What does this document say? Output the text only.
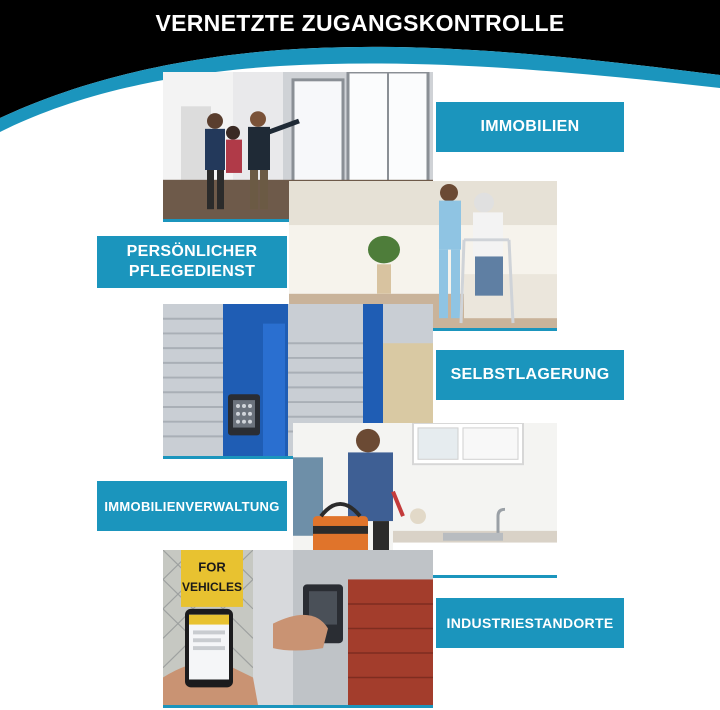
VERNETZTE ZUGANGSKONTROLLE
IMMOBILIEN
PERSÖNLICHER
PFLEGEDIENST
SELBSTLAGERUNG
IMMOBILIENVERWALTUNG
FOR
VEHICLES
INDUSTRIESTANDORTE
